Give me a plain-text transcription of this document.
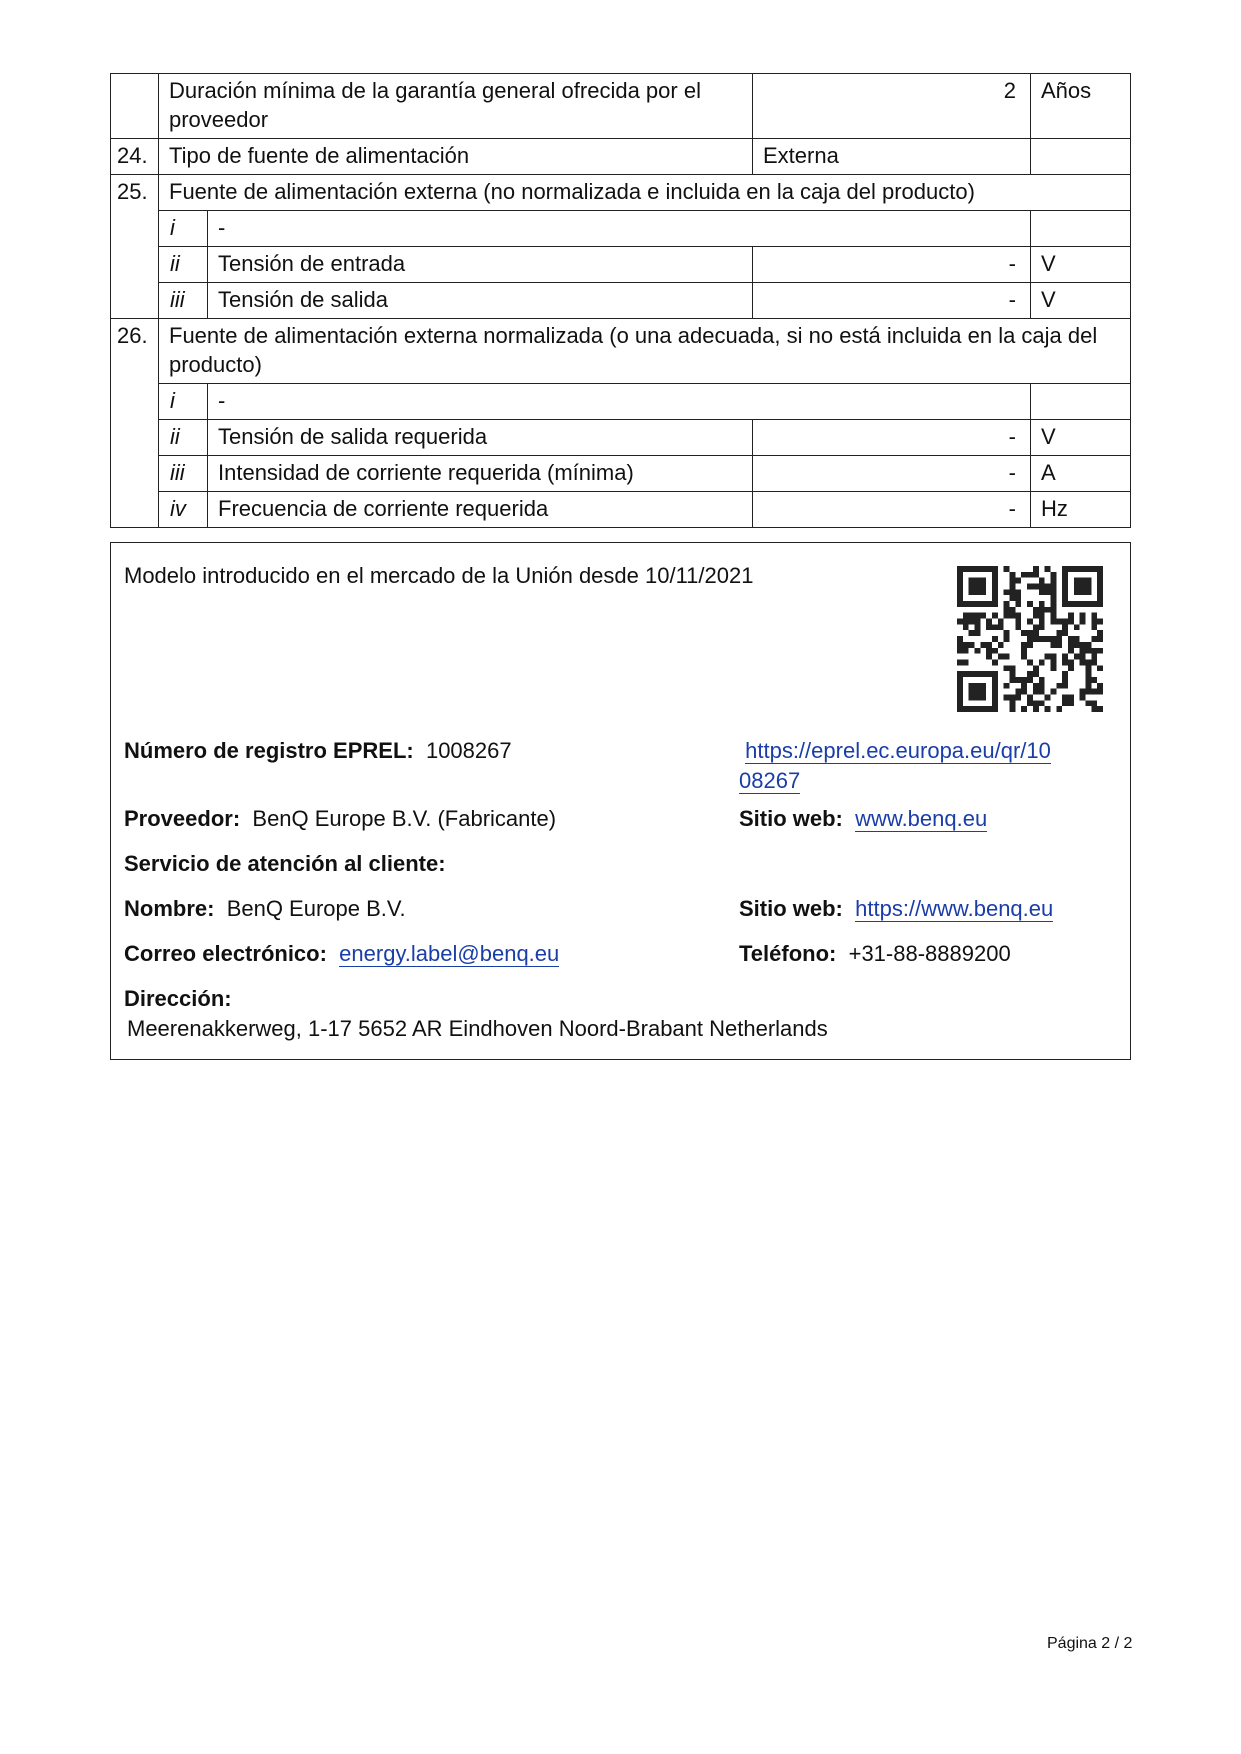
	Duración mínima de la garantía general ofrecida por el proveedor		2	Años
24.	Tipo de fuente de alimentación		Externa	
25.	Fuente de alimentación externa (no normalizada e incluida en la caja del producto)			
	i	-		
	ii	Tensión de entrada	-	V
	iii	Tensión de salida	-	V
26.	Fuente de alimentación externa normalizada (o una adecuada, si no está incluida en la caja del producto)			
	i	-		
	ii	Tensión de salida requerida	-	V
	iii	Intensidad de corriente requerida (mínima)	-	A
	iv	Frecuencia de corriente requerida	-	Hz
Modelo introducido en el mercado de la Unión desde 10/11/2021
Número de registro EPREL: 1008267	https://eprel.ec.europa.eu/qr/10
08267
Proveedor: BenQ Europe B.V. (Fabricante)	Sitio web: www.benq.eu
Servicio de atención al cliente:
Nombre: BenQ Europe B.V.	Sitio web: https://www.benq.eu
Correo electrónico: energy.label@benq.eu	Teléfono: +31-88-8889200
Dirección:
Meerenakkerweg, 1-17 5652 AR Eindhoven Noord-Brabant Netherlands
Página 2 / 2
